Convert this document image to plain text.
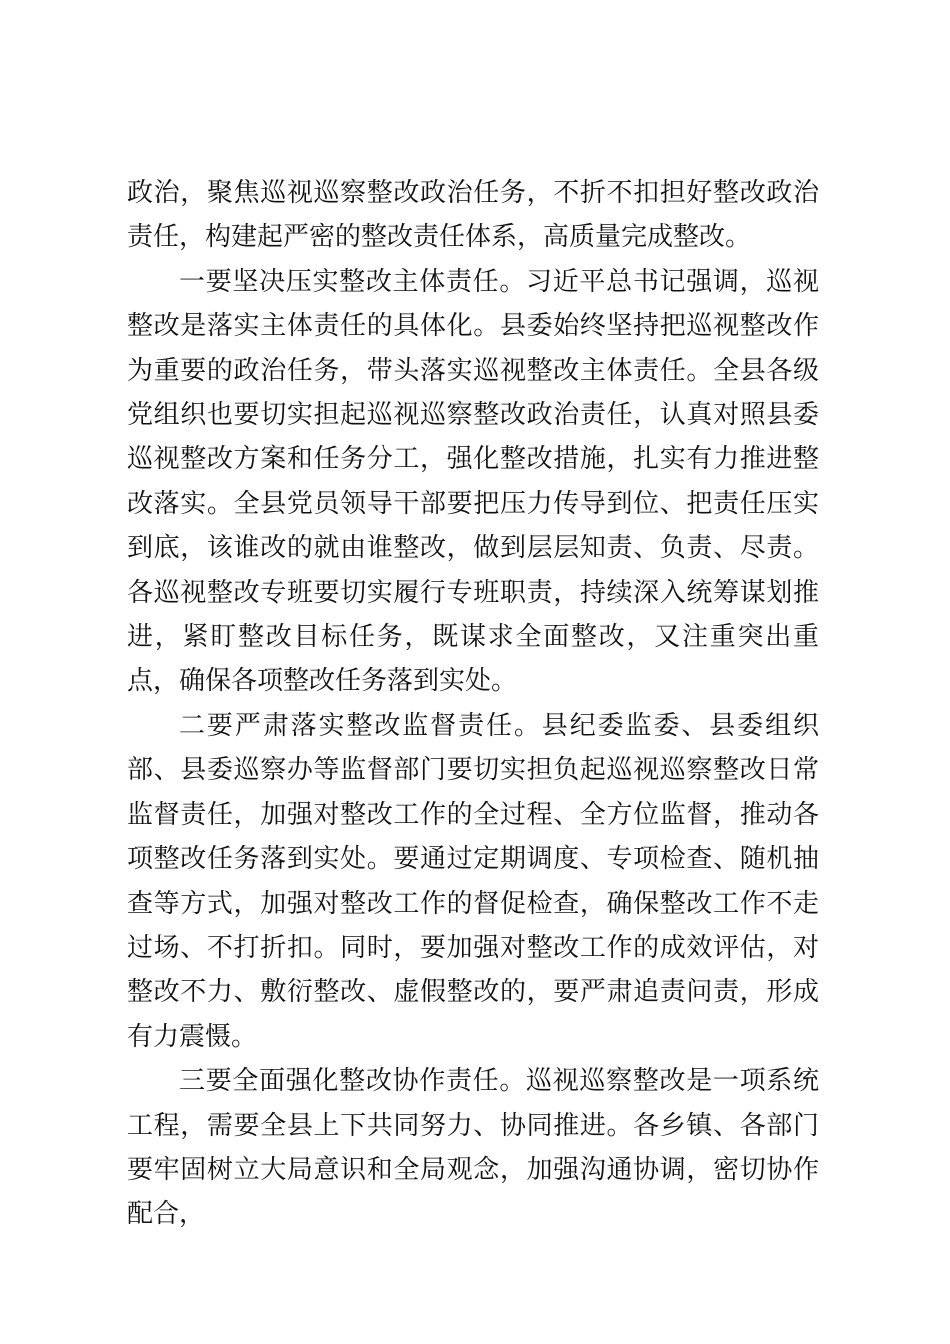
政治，聚焦巡视巡察整改政治任务，不折不扣担好整改政治责任，构建起严密的整改责任体系，高质量完成整改。

一要坚决压实整改主体责任。习近平总书记强调，巡视整改是落实主体责任的具体化。县委始终坚持把巡视整改作为重要的政治任务，带头落实巡视整改主体责任。全县各级党组织也要切实担起巡视巡察整改政治责任，认真对照县委巡视整改方案和任务分工，强化整改措施，扎实有力推进整改落实。全县党员领导干部要把压力传导到位、把责任压实到底，该谁改的就由谁整改，做到层层知责、负责、尽责。各巡视整改专班要切实履行专班职责，持续深入统筹谋划推进，紧盯整改目标任务，既谋求全面整改，又注重突出重点，确保各项整改任务落到实处。

二要严肃落实整改监督责任。县纪委监委、县委组织部、县委巡察办等监督部门要切实担负起巡视巡察整改日常监督责任，加强对整改工作的全过程、全方位监督，推动各项整改任务落到实处。要通过定期调度、专项检查、随机抽查等方式，加强对整改工作的督促检查，确保整改工作不走过场、不打折扣。同时，要加强对整改工作的成效评估，对整改不力、敷衍整改、虚假整改的，要严肃追责问责，形成有力震慑。

三要全面强化整改协作责任。巡视巡察整改是一项系统工程，需要全县上下共同努力、协同推进。各乡镇、各部门要牢固树立大局意识和全局观念，加强沟通协调，密切协作配合，
